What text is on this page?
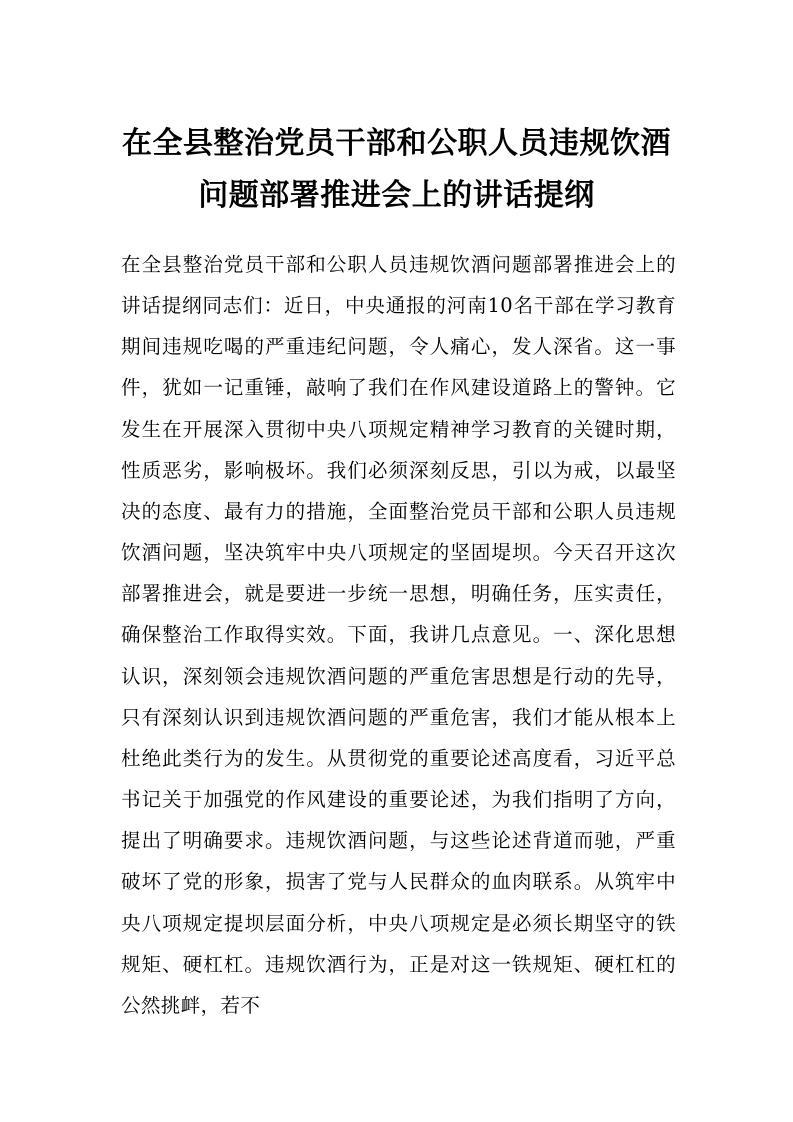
在全县整治党员干部和公职人员违规饮酒
问题部署推进会上的讲话提纲

在全县整治党员干部和公职人员违规饮酒问题部署推进会上的讲话提纲同志们：近日，中央通报的河南10名干部在学习教育期间违规吃喝的严重违纪问题，令人痛心，发人深省。这一事件，犹如一记重锤，敲响了我们在作风建设道路上的警钟。它发生在开展深入贯彻中央八项规定精神学习教育的关键时期，性质恶劣，影响极坏。我们必须深刻反思，引以为戒，以最坚决的态度、最有力的措施，全面整治党员干部和公职人员违规饮酒问题，坚决筑牢中央八项规定的坚固堤坝。今天召开这次部署推进会，就是要进一步统一思想，明确任务，压实责任，确保整治工作取得实效。下面，我讲几点意见。一、深化思想认识，深刻领会违规饮酒问题的严重危害思想是行动的先导，只有深刻认识到违规饮酒问题的严重危害，我们才能从根本上杜绝此类行为的发生。从贯彻党的重要论述高度看，习近平总书记关于加强党的作风建设的重要论述，为我们指明了方向，提出了明确要求。违规饮酒问题，与这些论述背道而驰，严重破坏了党的形象，损害了党与人民群众的血肉联系。从筑牢中央八项规定提坝层面分析，中央八项规定是必须长期坚守的铁规矩、硬杠杠。违规饮酒行为，正是对这一铁规矩、硬杠杠的公然挑衅，若不
